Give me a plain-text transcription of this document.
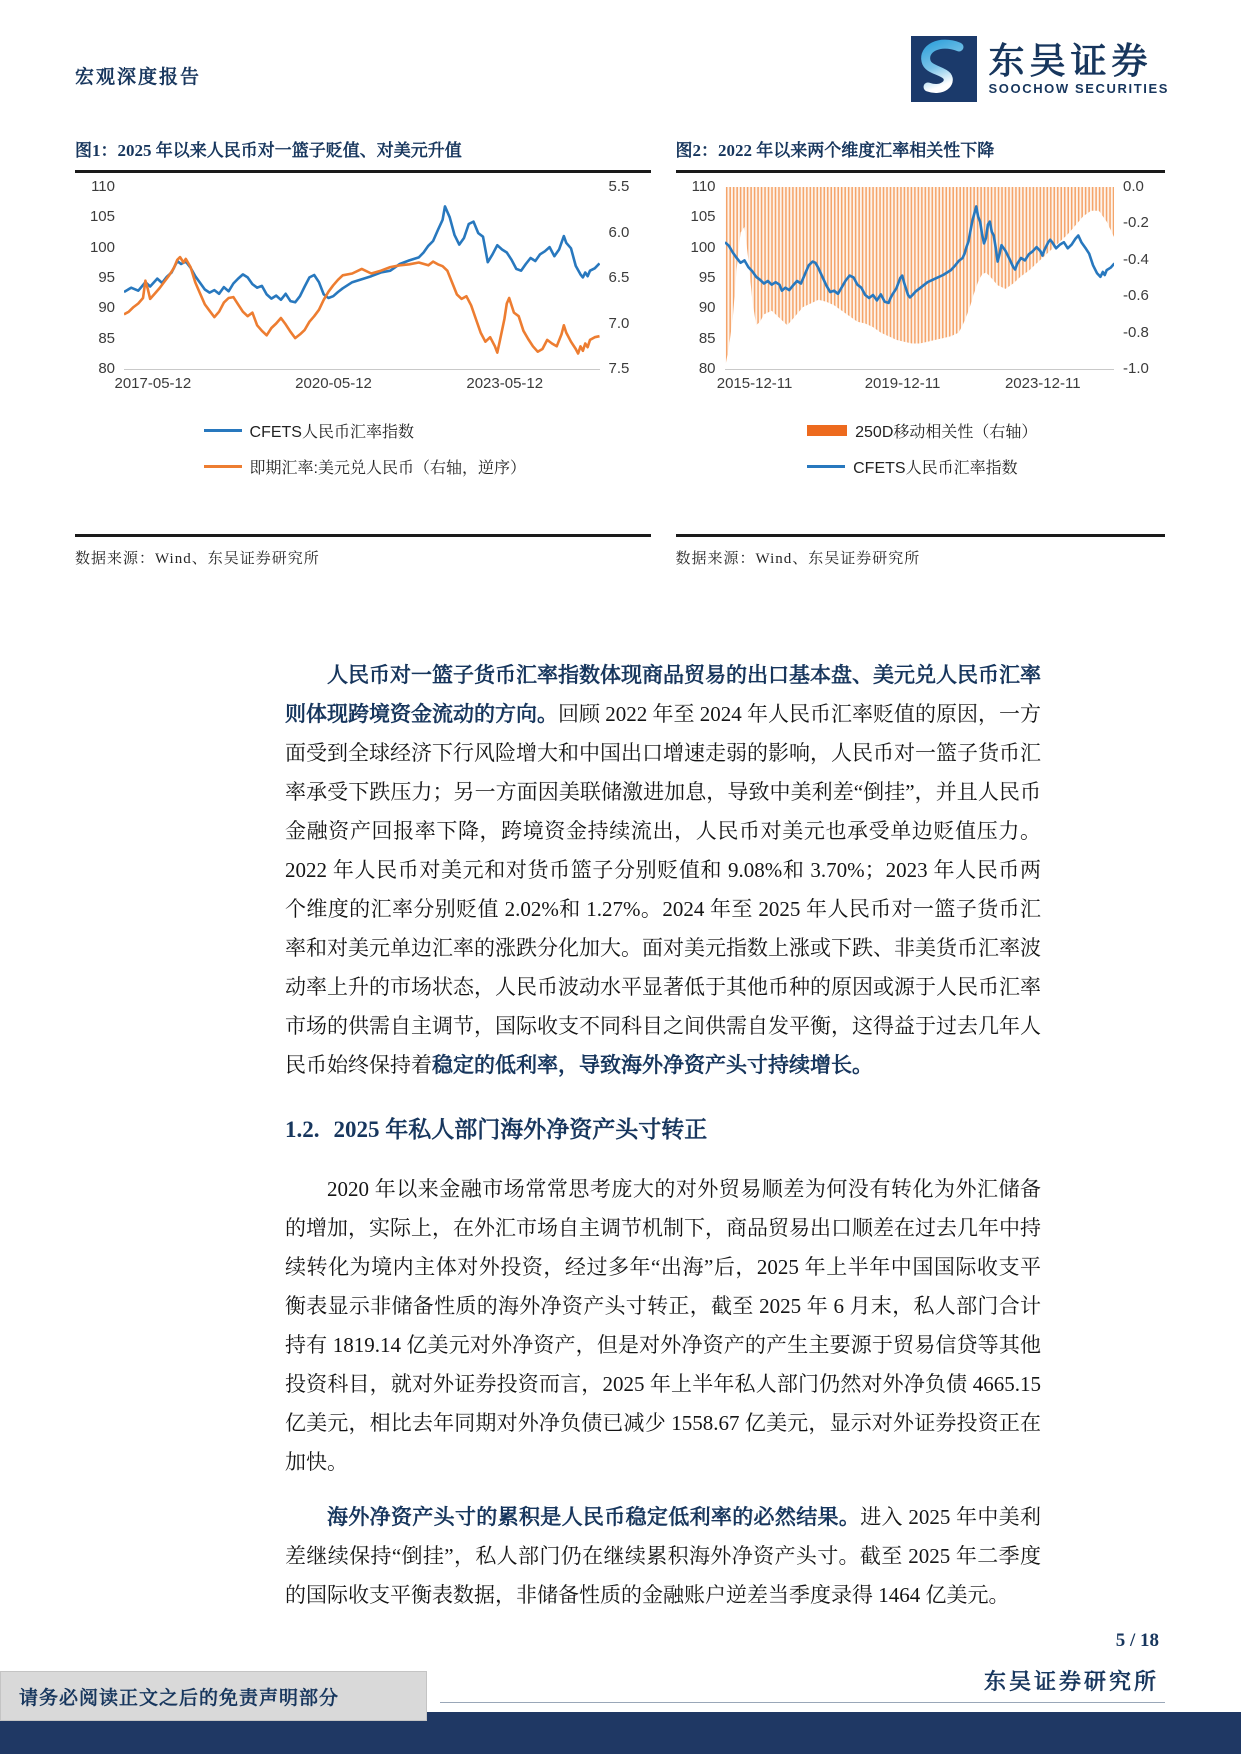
宏观深度报告	东吴证券
SOOCHOW SECURITIES
图1：2025 年以来人民币对一篮子贬值、对美元升值
110
105
100
95
90
85
80
5.5
6.0
6.5
7.0
7.5
2017-05-12	2020-05-12	2023-05-12
CFETS人民币汇率指数
即期汇率:美元兑人民币（右轴，逆序）
数据来源：Wind、东吴证券研究所
图2：2022 年以来两个维度汇率相关性下降
110
105
100
95
90
85
80
0.0
-0.2
-0.4
-0.6
-0.8
-1.0
2015-12-11	2019-12-11	2023-12-11
250D移动相关性（右轴）
CFETS人民币汇率指数
数据来源：Wind、东吴证券研究所

人民币对一篮子货币汇率指数体现商品贸易的出口基本盘、美元兑人民币汇率则体现跨境资金流动的方向。回顾 2022 年至 2024 年人民币汇率贬值的原因，一方面受到全球经济下行风险增大和中国出口增速走弱的影响，人民币对一篮子货币汇率承受下跌压力；另一方面因美联储激进加息，导致中美利差“倒挂”，并且人民币金融资产回报率下降，跨境资金持续流出，人民币对美元也承受单边贬值压力。2022 年人民币对美元和对货币篮子分别贬值和 9.08%和 3.70%；2023 年人民币两个维度的汇率分别贬值 2.02%和 1.27%。2024 年至 2025 年人民币对一篮子货币汇率和对美元单边汇率的涨跌分化加大。面对美元指数上涨或下跌、非美货币汇率波动率上升的市场状态，人民币波动水平显著低于其他币种的原因或源于人民币汇率市场的供需自主调节，国际收支不同科目之间供需自发平衡，这得益于过去几年人民币始终保持着稳定的低利率，导致海外净资产头寸持续增长。

1.2. 2025 年私人部门海外净资产头寸转正

2020 年以来金融市场常常思考庞大的对外贸易顺差为何没有转化为外汇储备的增加，实际上，在外汇市场自主调节机制下，商品贸易出口顺差在过去几年中持续转化为境内主体对外投资，经过多年“出海”后，2025 年上半年中国国际收支平衡表显示非储备性质的海外净资产头寸转正，截至 2025 年 6 月末，私人部门合计持有 1819.14 亿美元对外净资产，但是对外净资产的产生主要源于贸易信贷等其他投资科目，就对外证券投资而言，2025 年上半年私人部门仍然对外净负债 4665.15 亿美元，相比去年同期对外净负债已减少 1558.67 亿美元，显示对外证券投资正在加快。

海外净资产头寸的累积是人民币稳定低利率的必然结果。进入 2025 年中美利差继续保持“倒挂”，私人部门仍在继续累积海外净资产头寸。截至 2025 年二季度的国际收支平衡表数据，非储备性质的金融账户逆差当季度录得 1464 亿美元。

5 / 18
东吴证券研究所
请务必阅读正文之后的免责声明部分
